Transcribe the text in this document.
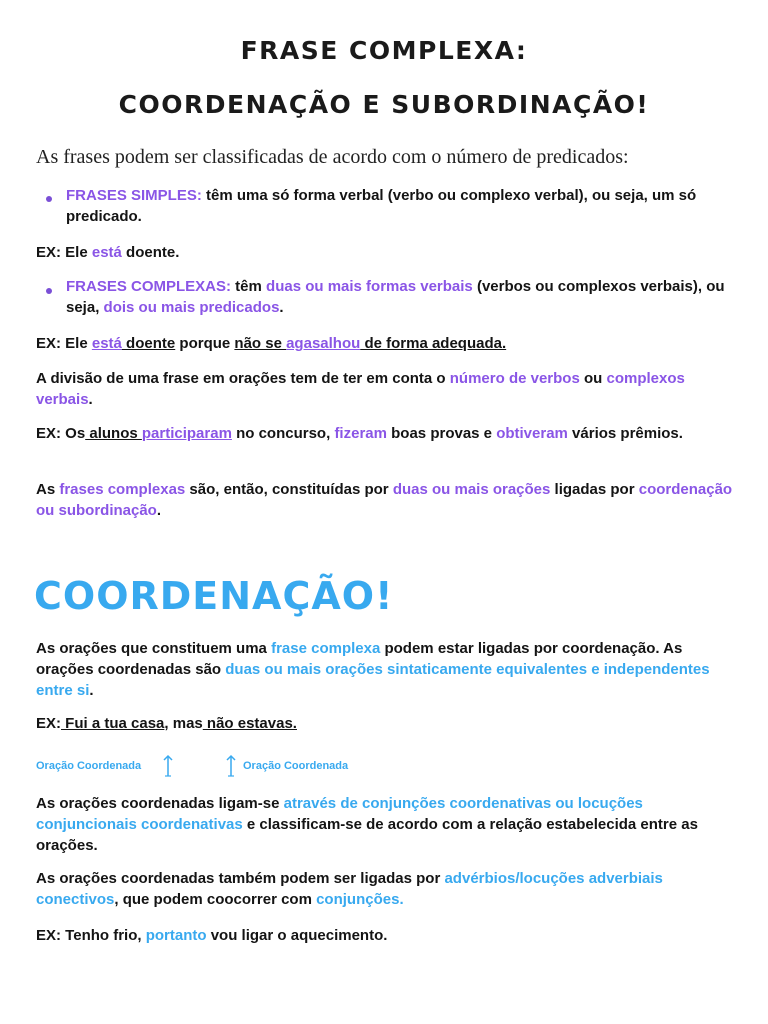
FRASE COMPLEXA:
COORDENAÇÃO E SUBORDINAÇÃO!
As frases podem ser classificadas de acordo com o número de predicados:
FRASES SIMPLES: têm uma só forma verbal (verbo ou complexo verbal), ou seja, um só predicado.
EX: Ele está doente.
FRASES COMPLEXAS: têm duas ou mais formas verbais (verbos ou complexos verbais), ou seja, dois ou mais predicados.
EX: Ele está doente porque não se agasalhou de forma adequada.
A divisão de uma frase em orações tem de ter em conta o número de verbos ou complexos verbais.
EX: Os alunos participaram no concurso, fizeram boas provas e obtiveram vários prêmios.
As frases complexas são, então, constituídas por duas ou mais orações ligadas por coordenação ou subordinação.
COORDENAÇÃO!
As orações que constituem uma frase complexa podem estar ligadas por coordenação. As orações coordenadas são duas ou mais orações sintaticamente equivalentes e independentes entre si.
EX: Fui a tua casa, mas não estavas.
Oração Coordenada	Oração Coordenada
As orações coordenadas ligam-se através de conjunções coordenativas ou locuções conjuncionais coordenativas e classificam-se de acordo com a relação estabelecida entre as orações.
As orações coordenadas também podem ser ligadas por advérbios/locuções adverbiais conectivos, que podem coocorrer com conjunções.
EX: Tenho frio, portanto vou ligar o aquecimento.
